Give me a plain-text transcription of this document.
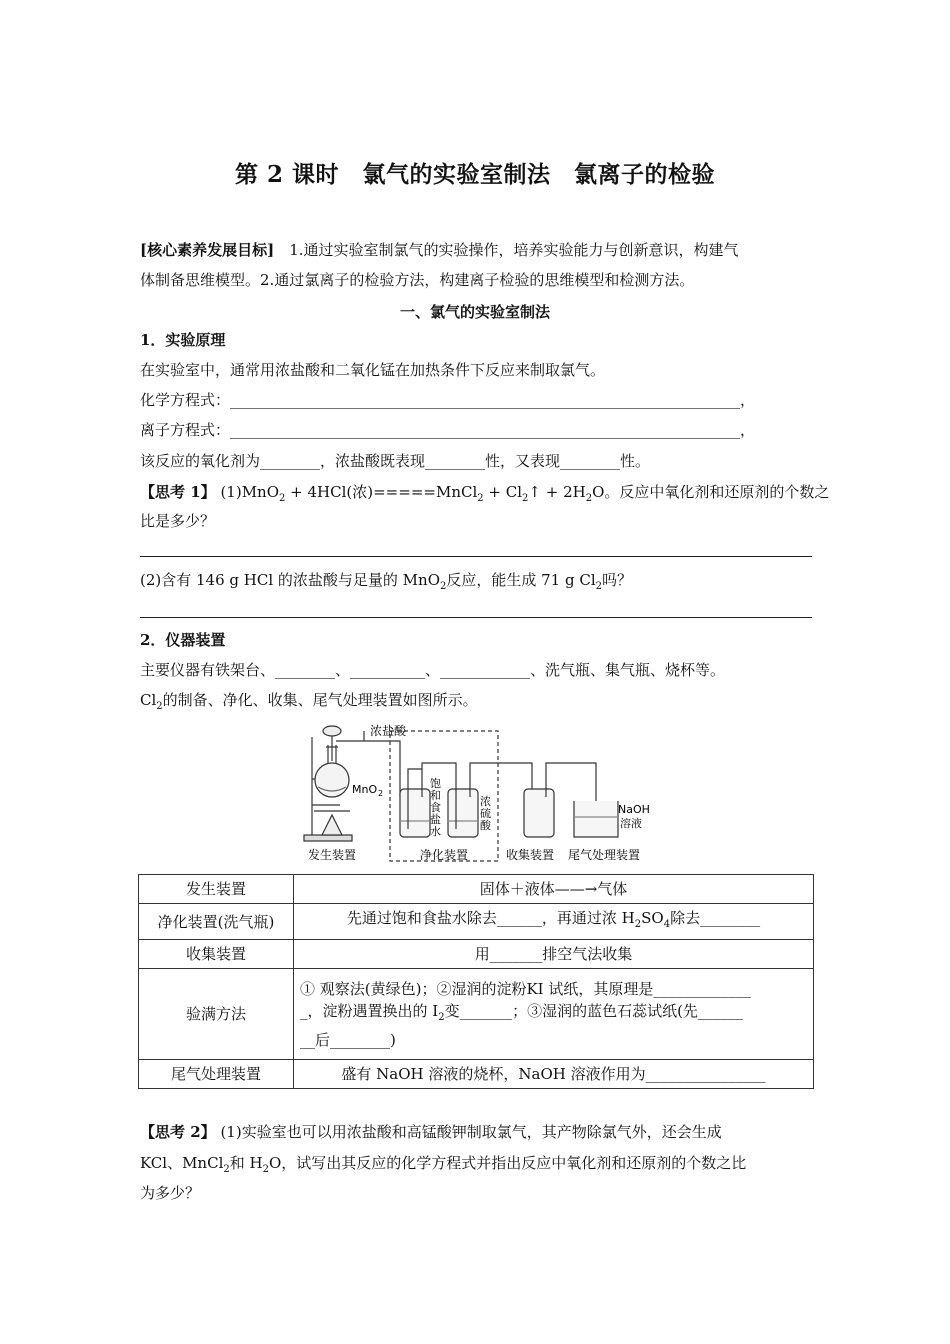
第 2 课时　氯气的实验室制法　氯离子的检验
[核心素养发展目标]　 1.通过实验室制氯气的实验操作，培养实验能力与创新意识，构建气
体制备思维模型。2.通过氯离子的检验方法，构建离子检验的思维模型和检测方法。
一、氯气的实验室制法
1．实验原理
在实验室中，通常用浓盐酸和二氧化锰在加热条件下反应来制取氯气。
化学方程式：____________________________________________________________________，
离子方程式：____________________________________________________________________，
该反应的氧化剂为________，浓盐酸既表现________性，又表现________性。
【思考 1】 (1)MnO$_2$ + 4HCl(浓)=====MnCl$_2$ + $Cl_2↑ + 2H_2O$。反应中氧化剂和还原剂的个数之
比是多少？
(2)含有 146 g HCl 的浓盐酸与足量的 MnO$_2$反应，能生成 71 g $Cl_2$吗？
2．仪器装置
主要仪器有铁架台、________、__________、____________、洗气瓶、集气瓶、烧杯等。
$Cl_2$的制备、净化、收集、尾气处理装置如图所示。
浓盐酸
MnO 2
饱
和
食
盐
水
浓
硫
酸
NaOH
溶液
发生装置	净化装置	收集装置 尾气处理装置
发生装置	固体＋液体——→气体
净化装置(洗气瓶)	先通过饱和食盐水除去______，再通过浓 $H_2SO_4$除去________
收集装置	用_______排空气法收集
验满方法	① 观察法(黄绿色)；②湿润的淀粉KI 试纸，其原理是_____________
_，淀粉遇置换出的 $I_2$变_______；③湿润的蓝色石蕊试纸(先______
__后________)

尾气处理装置	盛有 NaOH 溶液的烧杯，NaOH 溶液作用为________________
【思考 2】 (1)实验室也可以用浓盐酸和高锰酸钾制取氯气，其产物除氯气外，还会生成
KCl、MnCl$_2$和 $H_2O$，试写出其反应的化学方程式并指出反应中氧化剂和还原剂的个数之比
为多少？
